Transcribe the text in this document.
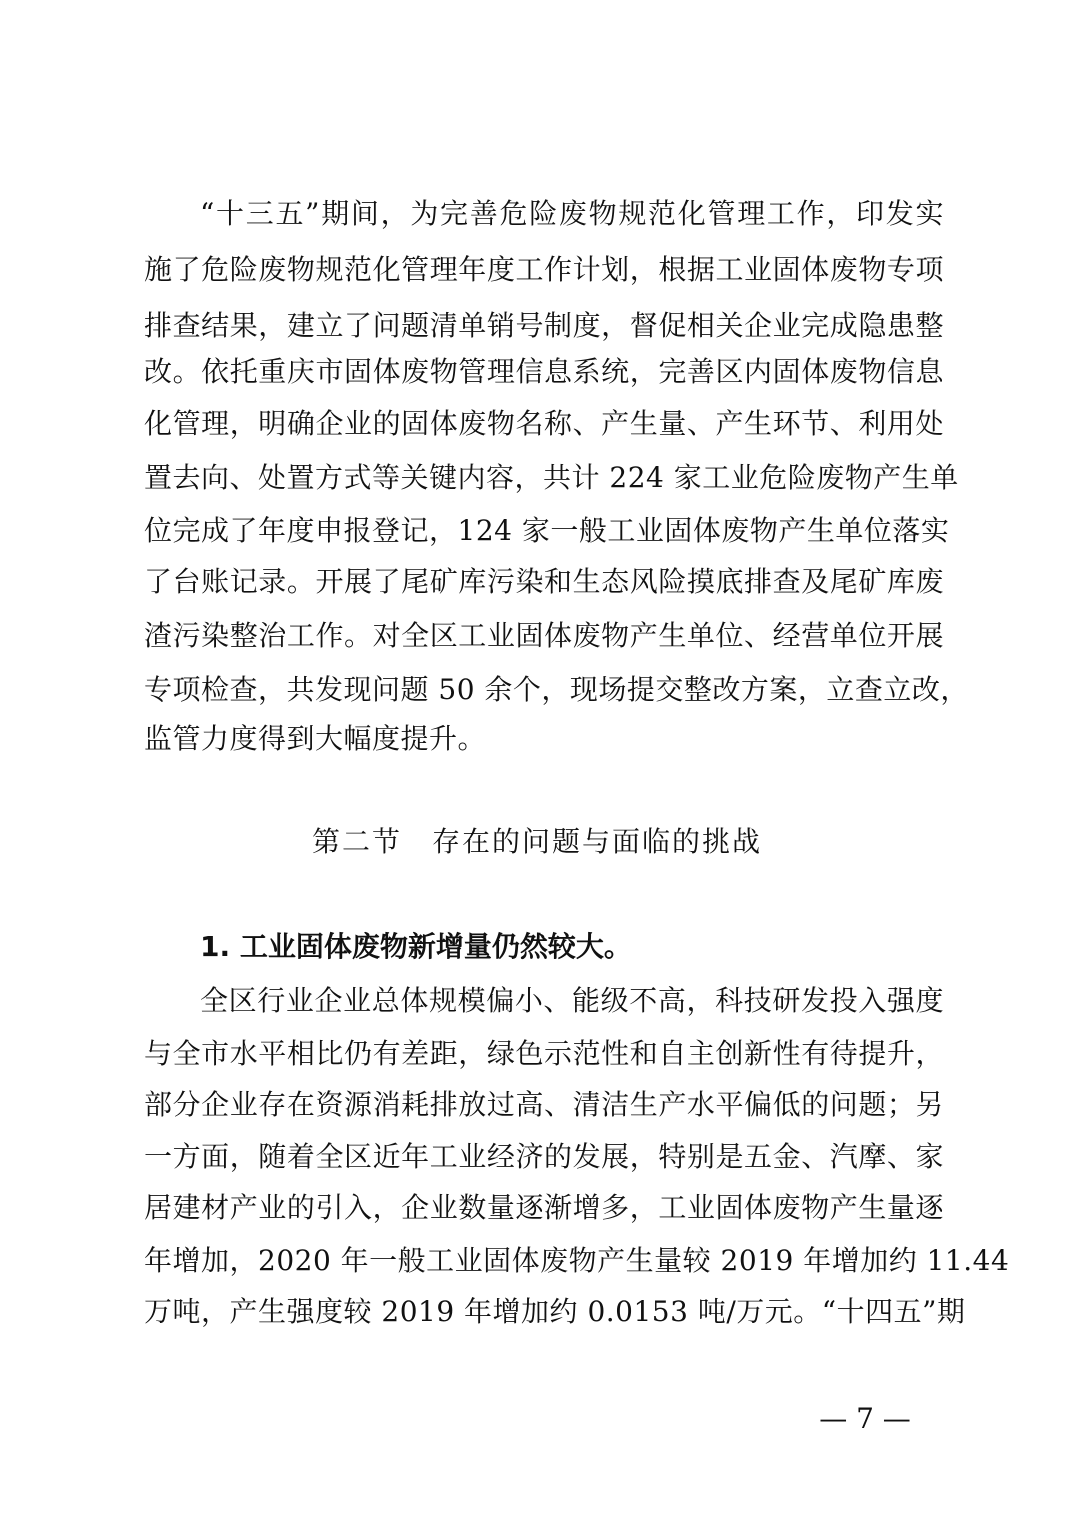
“十三五”期间，为完善危险废物规范化管理工作，印发实
施了危险废物规范化管理年度工作计划，根据工业固体废物专项
排查结果，建立了问题清单销号制度，督促相关企业完成隐患整
改。依托重庆市固体废物管理信息系统，完善区内固体废物信息
化管理，明确企业的固体废物名称、产生量、产生环节、利用处
置去向、处置方式等关键内容，共计 224 家工业危险废物产生单
位完成了年度申报登记，124 家一般工业固体废物产生单位落实
了台账记录。开展了尾矿库污染和生态风险摸底排查及尾矿库废
渣污染整治工作。对全区工业固体废物产生单位、经营单位开展
专项检查，共发现问题 50 余个，现场提交整改方案，立查立改，
监管力度得到大幅度提升。
第二节　存在的问题与面临的挑战
1. 工业固体废物新增量仍然较大。
全区行业企业总体规模偏小、能级不高，科技研发投入强度
与全市水平相比仍有差距，绿色示范性和自主创新性有待提升，
部分企业存在资源消耗排放过高、清洁生产水平偏低的问题；另
一方面，随着全区近年工业经济的发展，特别是五金、汽摩、家
居建材产业的引入，企业数量逐渐增多，工业固体废物产生量逐
年增加，2020 年一般工业固体废物产生量较 2019 年增加约 11.44
万吨，产生强度较 2019 年增加约 0.0153 吨/万元。“十四五”期
— 7 —
